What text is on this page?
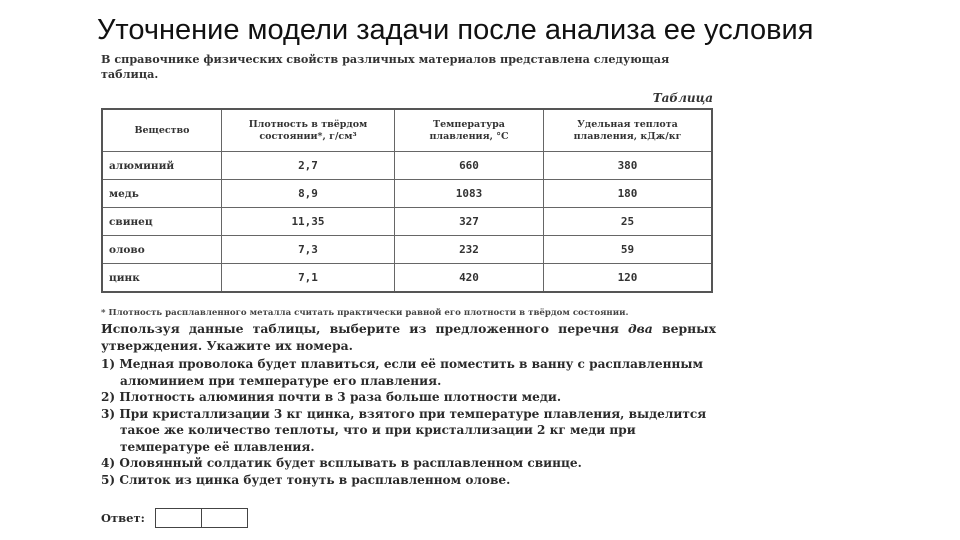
Уточнение модели задачи после анализа ее условия
В справочнике физических свойств различных материалов представлена следующая таблица.
Таблица
Вещество	Плотность в твёрдом состоянии*, г/см³	Температура плавления, °С	Удельная теплота плавления, кДж/кг
алюминий	2,7	660	380
медь	8,9	1083	180
свинец	11,35	327	25
олово	7,3	232	59
цинк	7,1	420	120
* Плотность расплавленного металла считать практически равной его плотности в твёрдом состоянии.
Используя данные таблицы, выберите из предложенного перечня два верных утверждения. Укажите их номера.
1) Медная проволока будет плавиться, если её поместить в ванну с расплавленным алюминием при температуре его плавления.
2) Плотность алюминия почти в 3 раза больше плотности меди.
3) При кристаллизации 3 кг цинка, взятого при температуре плавления, выделится такое же количество теплоты, что и при кристаллизации 2 кг меди при температуре её плавления.
4) Оловянный солдатик будет всплывать в расплавленном свинце.
5) Слиток из цинка будет тонуть в расплавленном олове.
Ответ:
